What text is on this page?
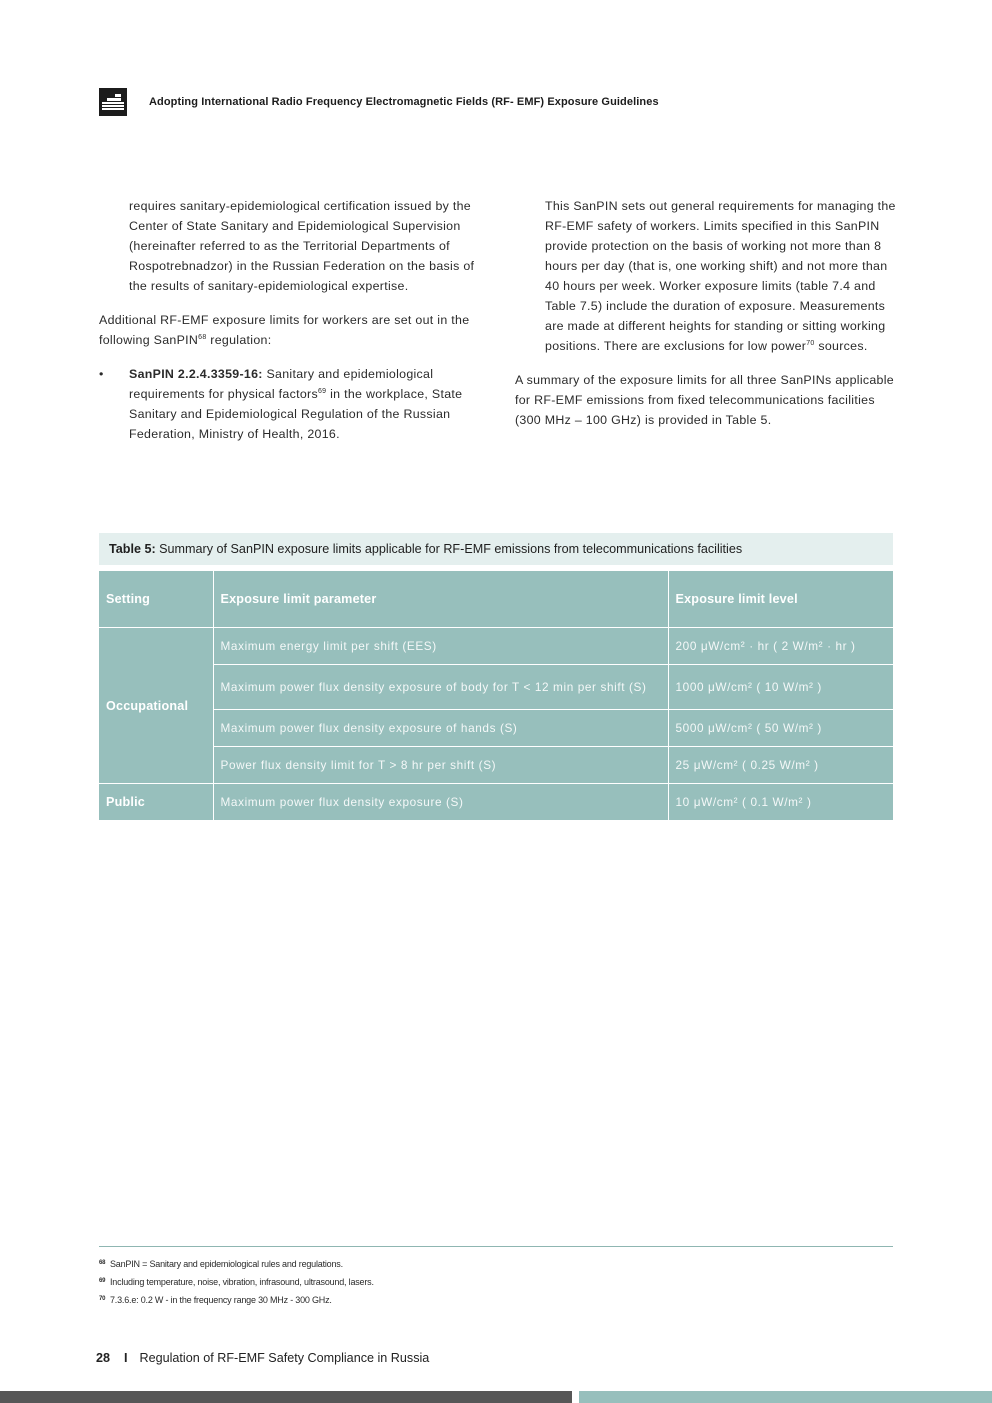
Adopting International Radio Frequency Electromagnetic Fields (RF- EMF) Exposure Guidelines

requires sanitary-epidemiological certification issued by the Center of State Sanitary and Epidemiological Supervision (hereinafter referred to as the Territorial Departments of Rospotrebnadzor) in the Russian Federation on the basis of the results of sanitary-epidemiological expertise.

Additional RF-EMF exposure limits for workers are set out in the following SanPIN$^{68}$ regulation:

• SanPIN 2.2.4.3359-16: Sanitary and epidemiological requirements for physical factors$^{69}$ in the workplace, State Sanitary and Epidemiological Regulation of the Russian Federation, Ministry of Health, 2016.

This SanPIN sets out general requirements for managing the RF-EMF safety of workers. Limits specified in this SanPIN provide protection on the basis of working not more than 8 hours per day (that is, one working shift) and not more than 40 hours per week. Worker exposure limits (table 7.4 and Table 7.5) include the duration of exposure. Measurements are made at different heights for standing or sitting working positions. There are exclusions for low power$^{70}$ sources.

A summary of the exposure limits for all three SanPINs applicable for RF-EMF emissions from fixed telecommunications facilities (300 MHz – 100 GHz) is provided in Table 5.

Table 5: Summary of SanPIN exposure limits applicable for RF-EMF emissions from telecommunications facilities
Setting	Exposure limit parameter	Exposure limit level
Occupational	Maximum energy limit per shift (EES)	200 μW/cm² · hr ( 2 W/m² · hr )
	Maximum power flux density exposure of body for T < 12 min per shift (S)	1000 μW/cm² ( 10 W/m² )
	Maximum power flux density exposure of hands (S)	5000 μW/cm² ( 50 W/m² )
	Power flux density limit for T > 8 hr per shift (S)	25 μW/cm² ( 0.25 W/m² )
Public	Maximum power flux density exposure (S)	10 μW/cm² ( 0.1 W/m² )
68 SanPIN = Sanitary and epidemiological rules and regulations.
69 Including temperature, noise, vibration, infrasound, ultrasound, lasers.
70 7.3.6.e: 0.2 W - in the frequency range 30 MHz - 300 GHz.
28 I Regulation of RF-EMF Safety Compliance in Russia
